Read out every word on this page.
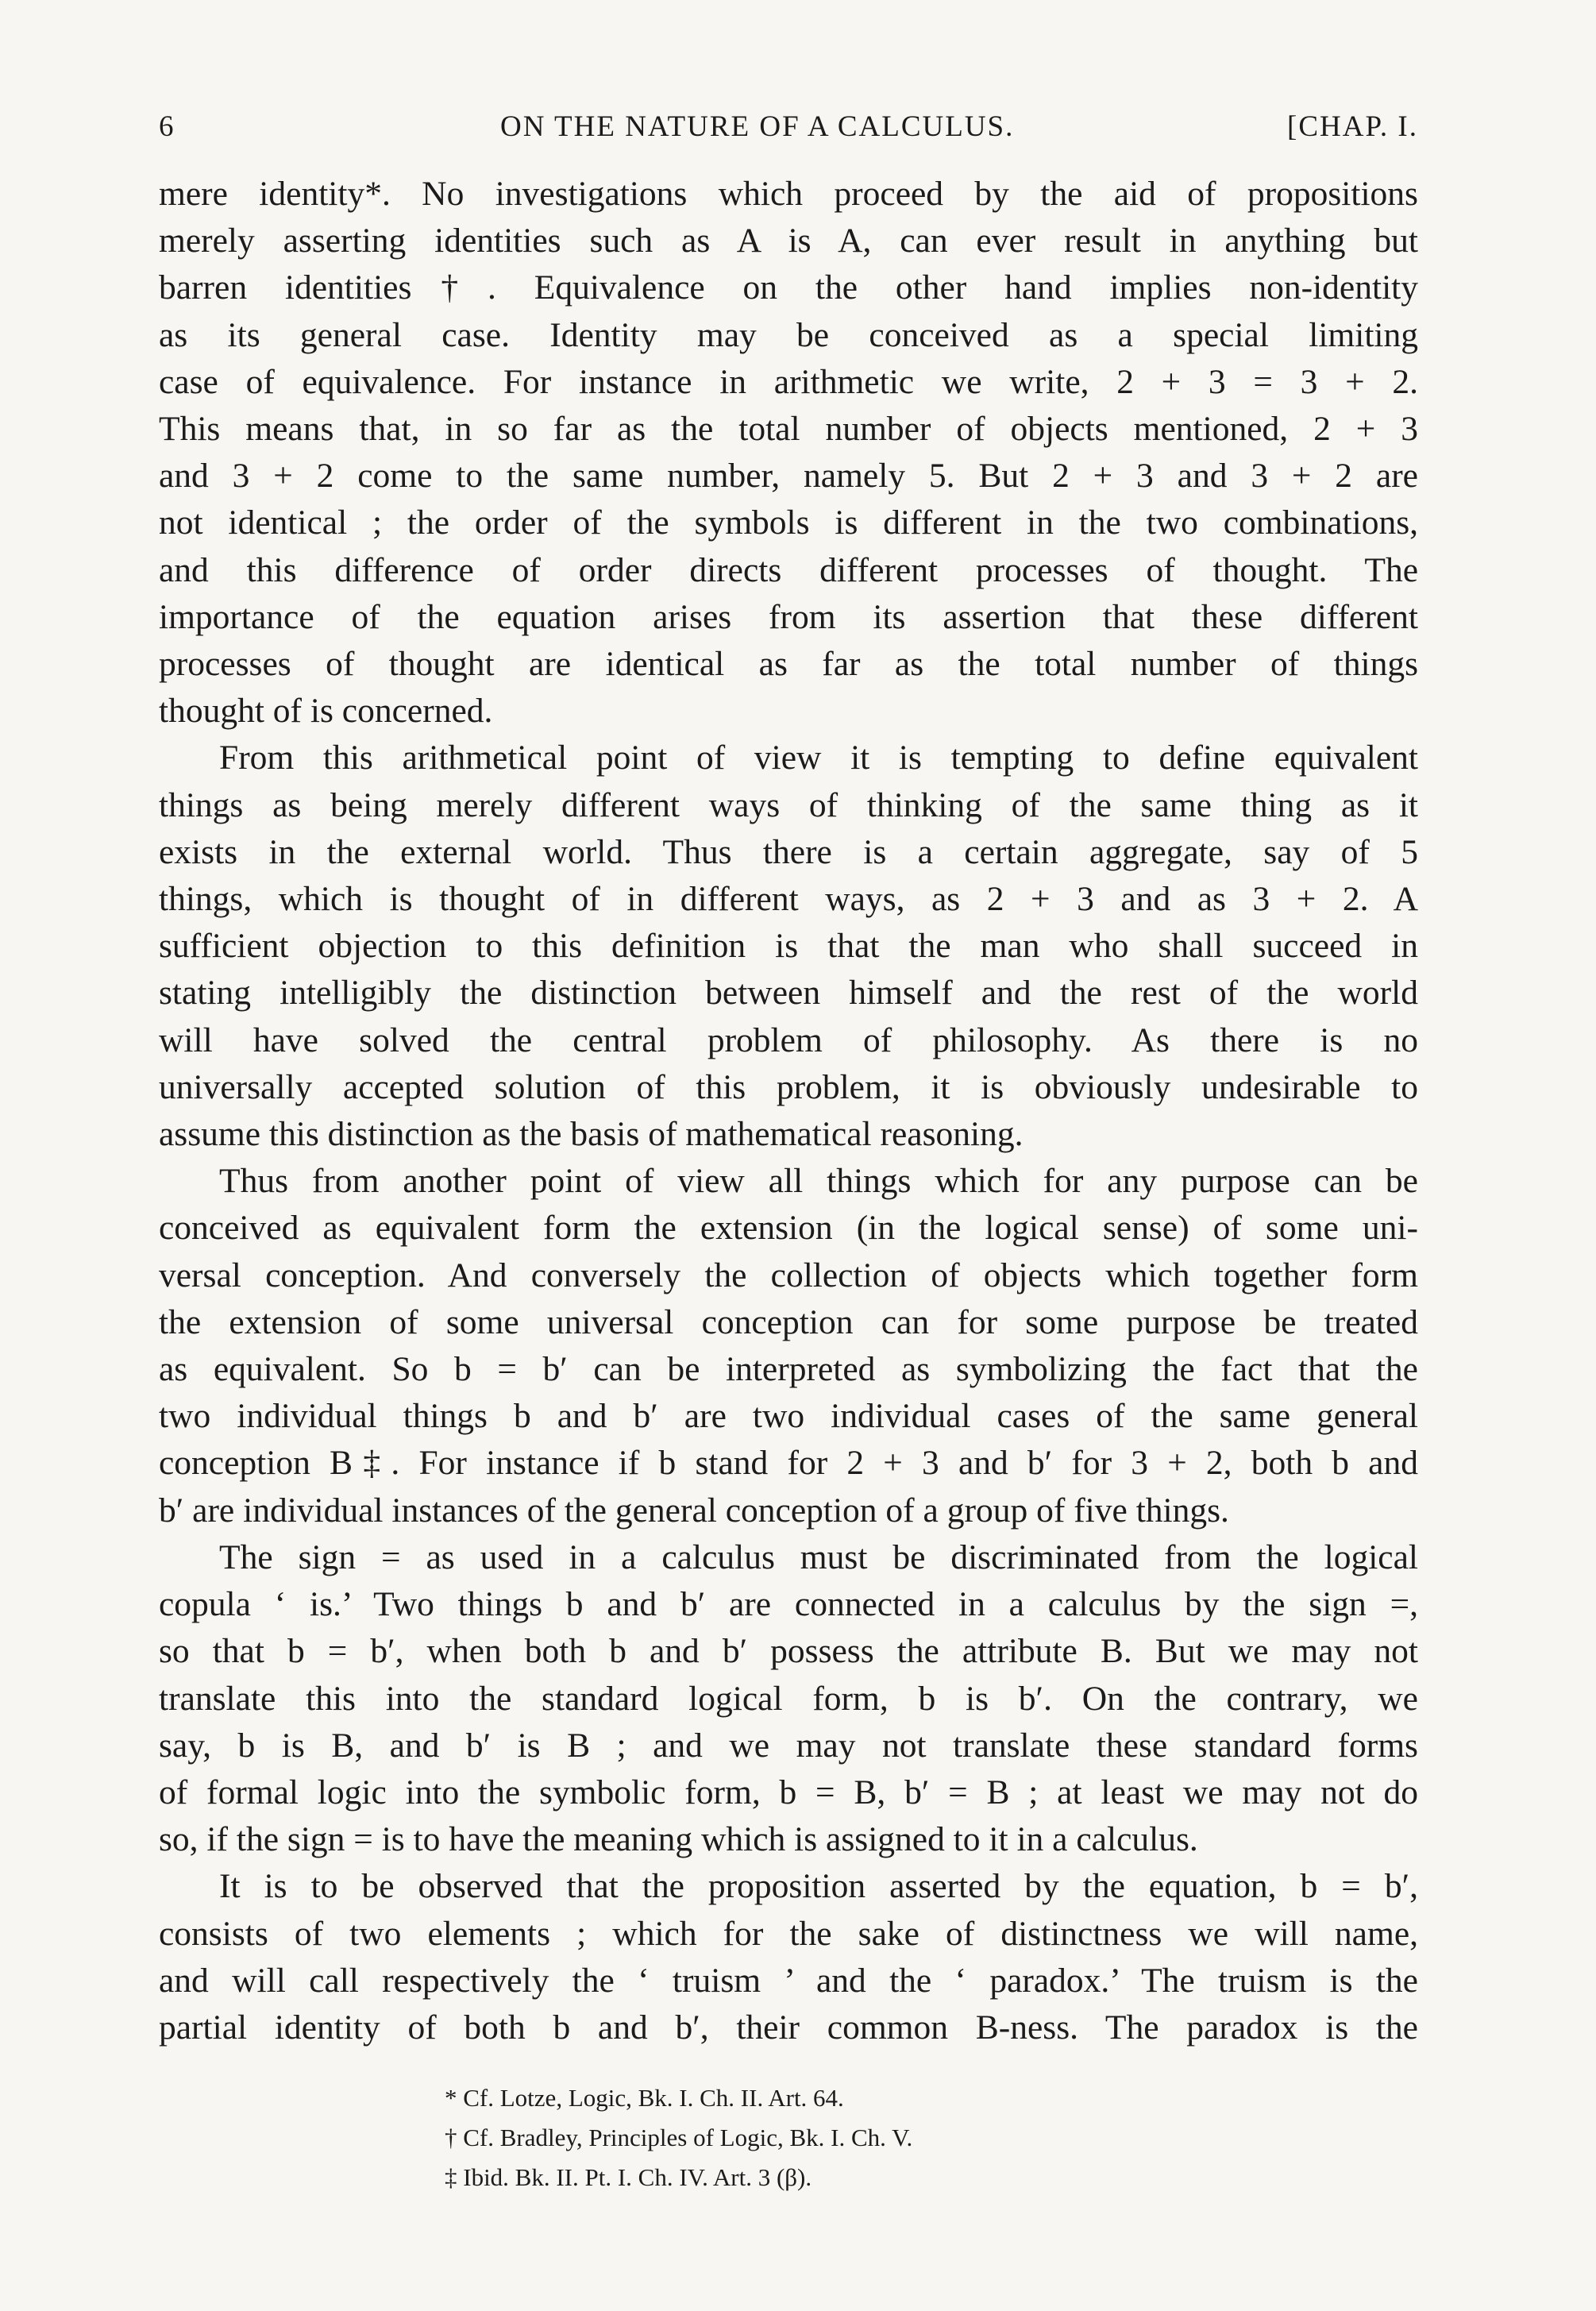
6	ON THE NATURE OF A CALCULUS.	[CHAP. I.

mere identity*. No investigations which proceed by the aid of propositions

merely asserting identities such as A is A, can ever result in anything but

barren identities†. Equivalence on the other hand implies non-identity

as its general case. Identity may be conceived as a special limiting

case of equivalence. For instance in arithmetic we write, 2 + 3 = 3 + 2.

This means that, in so far as the total number of objects mentioned, 2 + 3

and 3 + 2 come to the same number, namely 5. But 2 + 3 and 3 + 2 are

not identical ; the order of the symbols is different in the two combinations,

and this difference of order directs different processes of thought. The

importance of the equation arises from its assertion that these different

processes of thought are identical as far as the total number of things

thought of is concerned.

From this arithmetical point of view it is tempting to define equivalent

things as being merely different ways of thinking of the same thing as it

exists in the external world. Thus there is a certain aggregate, say of 5

things, which is thought of in different ways, as 2 + 3 and as 3 + 2. A

sufficient objection to this definition is that the man who shall succeed in

stating intelligibly the distinction between himself and the rest of the world

will have solved the central problem of philosophy. As there is no

universally accepted solution of this problem, it is obviously undesirable to

assume this distinction as the basis of mathematical reasoning.

Thus from another point of view all things which for any purpose can be

conceived as equivalent form the extension (in the logical sense) of some uni-

versal conception. And conversely the collection of objects which together form

the extension of some universal conception can for some purpose be treated

as equivalent. So b = b′ can be interpreted as symbolizing the fact that the

two individual things b and b′ are two individual cases of the same general

conception B‡. For instance if b stand for 2 + 3 and b′ for 3 + 2, both b and

b′ are individual instances of the general conception of a group of five things.

The sign = as used in a calculus must be discriminated from the logical

copula ‘ is.’ Two things b and b′ are connected in a calculus by the sign =,

so that b = b′, when both b and b′ possess the attribute B. But we may not

translate this into the standard logical form, b is b′. On the contrary, we

say, b is B, and b′ is B ; and we may not translate these standard forms

of formal logic into the symbolic form, b = B, b′ = B ; at least we may not do

so, if the sign = is to have the meaning which is assigned to it in a calculus.

It is to be observed that the proposition asserted by the equation, b = b′,

consists of two elements ; which for the sake of distinctness we will name,

and will call respectively the ‘ truism ’ and the ‘ paradox.’ The truism is the

partial identity of both b and b′, their common B-ness. The paradox is the

* Cf. Lotze, Logic, Bk. I. Ch. II. Art. 64.

† Cf. Bradley, Principles of Logic, Bk. I. Ch. V.

‡ Ibid. Bk. II. Pt. I. Ch. IV. Art. 3 (β).
